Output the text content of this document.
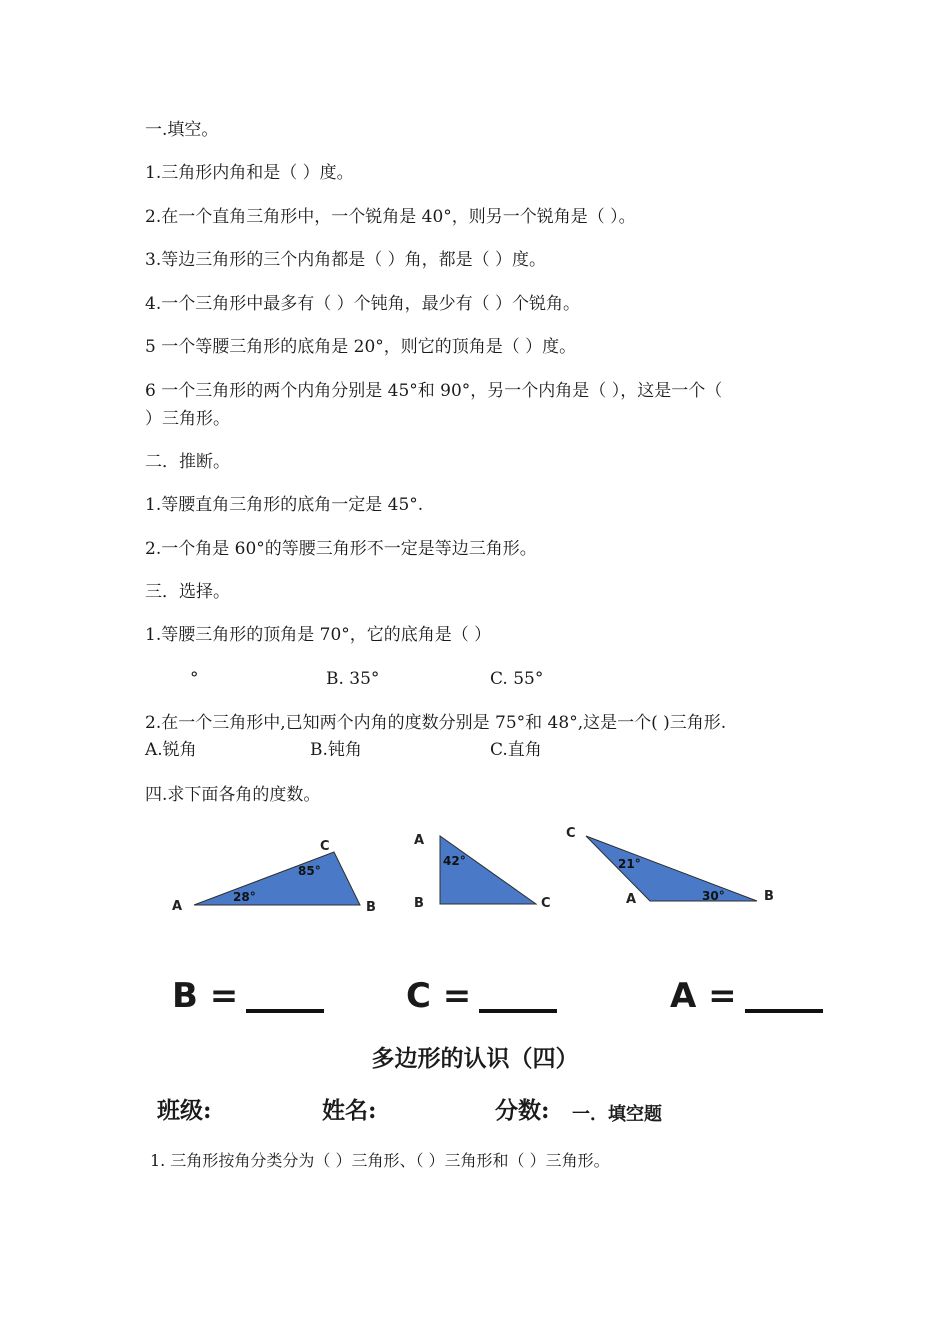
一.填空。
1.三角形内角和是（ ）度。
2.在一个直角三角形中，一个锐角是 40°，则另一个锐角是（ ）。
3.等边三角形的三个内角都是（ ）角，都是（ ）度。
4.一个三角形中最多有（ ）个钝角，最少有（ ）个锐角。
5 一个等腰三角形的底角是 20°，则它的顶角是（ ）度。
6 一个三角形的两个内角分别是 45°和 90°，另一个内角是（ ），这是一个（
）三角形。
二．推断。
1.等腰直角三角形的底角一定是 45°.
2.一个角是 60°的等腰三角形不一定是等边三角形。
三．选择。
1.等腰三角形的顶角是 70°，它的底角是（ ）
°	B. 35°	C. 55°
2.在一个三角形中,已知两个内角的度数分别是 75°和 48°,这是一个( )三角形.
A.锐角	B.钝角	C.直角
四.求下面各角的度数。
A	B
C
28°
85°
A
B	C
42°
C
A	B
21°
30°
B =	C =	A =
多边形的认识（四）
班级:	姓名:	分数: 一．填空题
1. 三角形按角分类分为（ ）三角形、（ ）三角形和（ ）三角形。
